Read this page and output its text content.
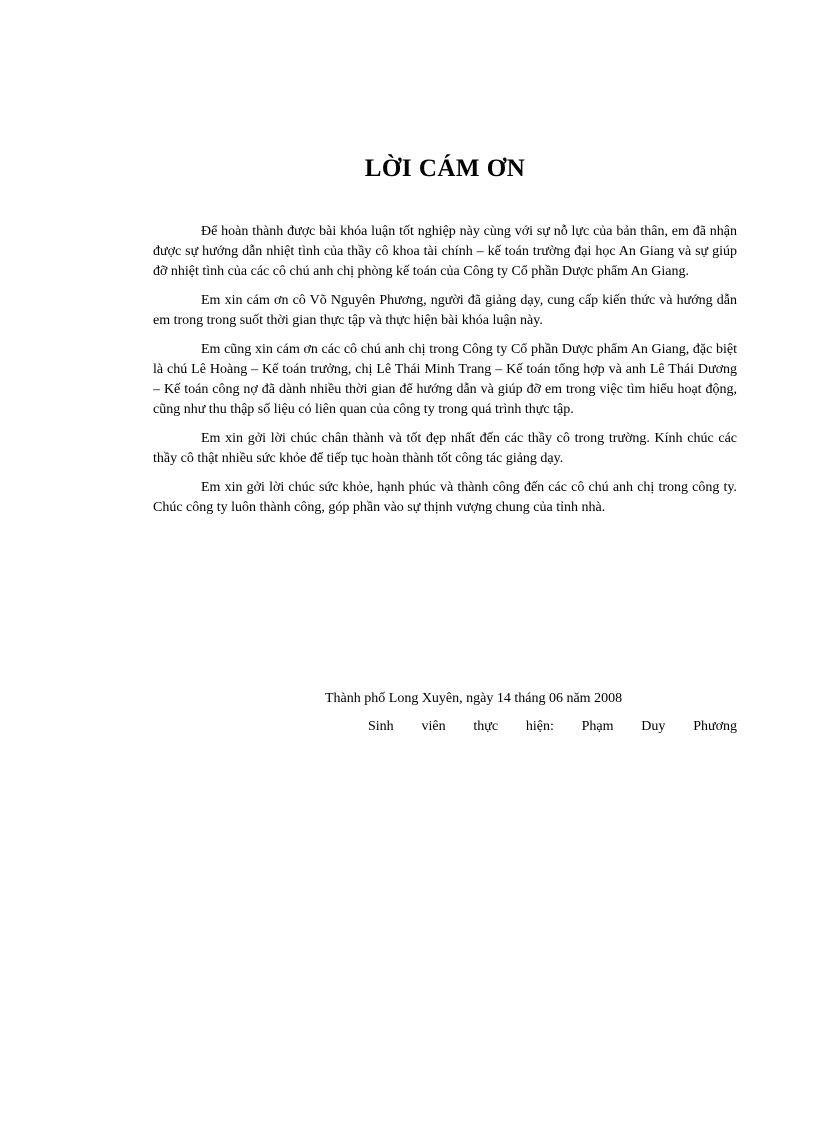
LỜI CÁM ƠN

Để hoàn thành được bài khóa luận tốt nghiệp này cùng với sự nỗ lực của bản thân, em đã nhận được sự hướng dẫn nhiệt tình của thầy cô khoa tài chính – kế toán trường đại học An Giang và sự giúp đỡ nhiệt tình của các cô chú anh chị phòng kế toán của Công ty Cổ phần Dược phẩm An Giang.

Em xin cám ơn cô Võ Nguyên Phương, người đã giảng dạy, cung cấp kiến thức và hướng dẫn em trong trong suốt thời gian thực tập và thực hiện bài khóa luận này.

Em cũng xin cám ơn các cô chú anh chị trong Công ty Cổ phần Dược phẩm An Giang, đặc biệt là chú Lê Hoàng – Kế toán trưởng, chị Lê Thái Minh Trang – Kế toán tổng hợp và anh Lê Thái Dương – Kế toán công nợ đã dành nhiều thời gian để hướng dẫn và giúp đỡ em trong việc tìm hiểu hoạt động, cũng như thu thập số liệu có liên quan của công ty trong quá trình thực tập.

Em xin gởi lời chúc chân thành và tốt đẹp nhất đến các thầy cô trong trường. Kính chúc các thầy cô thật nhiều sức khỏe để tiếp tục hoàn thành tốt công tác giảng dạy.

Em xin gởi lời chúc sức khỏe, hạnh phúc và thành công đến các cô chú anh chị trong công ty. Chúc công ty luôn thành công, góp phần vào sự thịnh vượng chung của tỉnh nhà.

Thành phố Long Xuyên, ngày 14 tháng 06 năm 2008

Sinh viên thực hiện: Phạm Duy Phương
